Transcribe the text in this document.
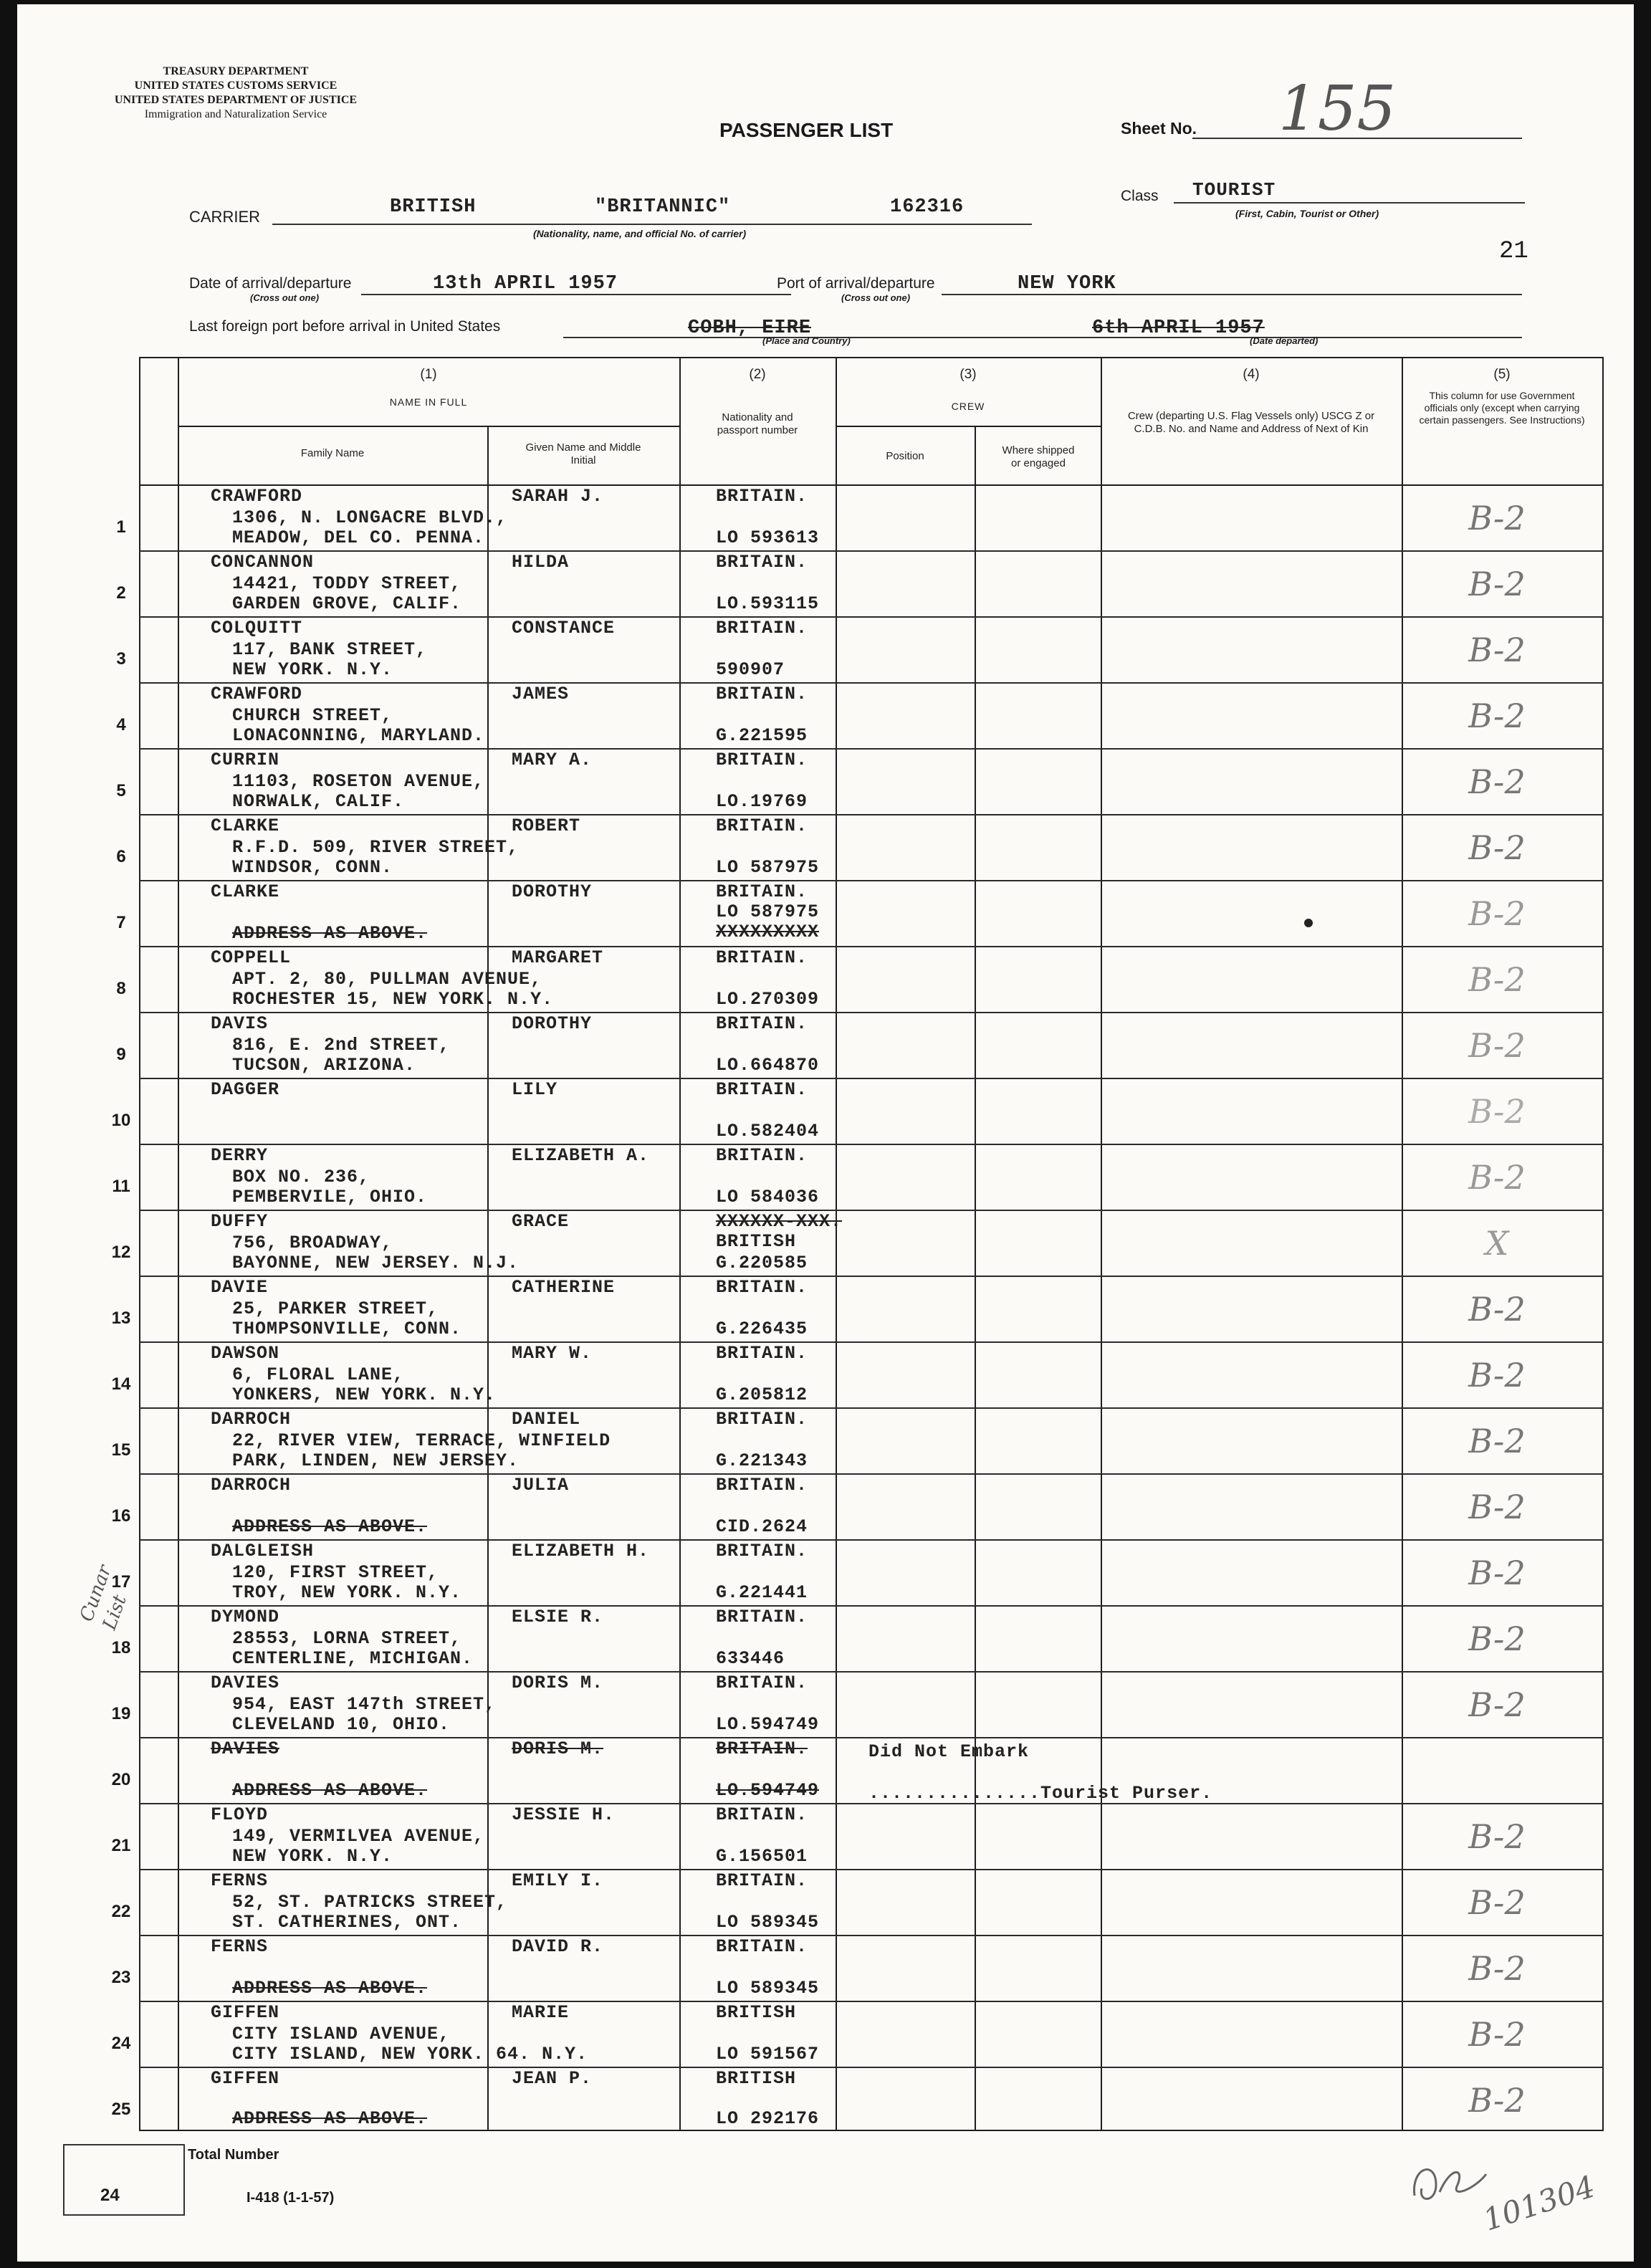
TREASURY DEPARTMENT
UNITED STATES CUSTOMS SERVICE
UNITED STATES DEPARTMENT OF JUSTICE
Immigration and Naturalization Service
PASSENGER LIST	Sheet No. 155
CARRIER	BRITISH	"BRITANNIC"	162316
(Nationality, name, and official No. of carrier)
Class TOURIST
(First, Cabin, Tourist or Other)
21
Date of arrival/departure	13th APRIL 1957
(Cross out one)
Port of arrival/departure	NEW YORK
(Cross out one)
Last foreign port before arrival in United States	COBH, EIRE
(Place and Country)
6th APRIL 1957
(Date departed)
(1)
NAME IN FULL
Family Name	Given Name and Middle Initial
(2)
Nationality and passport number
(3)
CREW
Position	Where shipped or engaged
(4)
Crew (departing U.S. Flag Vessels only) USCG Z or C.D.B. No. and Name and Address of Next of Kin
(5)
This column for use Government officials only (except when carrying certain passengers. See Instructions)
1
CRAWFORD	SARAH J.
1306, N. LONGACRE BLVD.,
MEADOW, DEL CO. PENNA.
BRITAIN.
LO 593613
B-2
2
CONCANNON	HILDA
14421, TODDY STREET,
GARDEN GROVE, CALIF.
BRITAIN.
LO.593115
B-2
3
COLQUITT	CONSTANCE
117, BANK STREET,
NEW YORK. N.Y.
BRITAIN.
590907
B-2
4
CRAWFORD	JAMES
CHURCH STREET,
LONACONNING, MARYLAND.
BRITAIN.
G.221595
B-2
5
CURRIN	MARY A.
11103, ROSETON AVENUE,
NORWALK, CALIF.
BRITAIN.
LO.19769
B-2
6
CLARKE	ROBERT
R.F.D. 509, RIVER STREET,
WINDSOR, CONN.
BRITAIN.
LO 587975
B-2
7
CLARKE	DOROTHY
ADDRESS AS ABOVE.
BRITAIN.
LO 587975
XXXXXXXXX	B-2
8
COPPELL	MARGARET
APT. 2, 80, PULLMAN AVENUE,
ROCHESTER 15, NEW YORK. N.Y.
BRITAIN.
LO.270309
B-2
9
DAVIS	DOROTHY
816, E. 2nd STREET,
TUCSON, ARIZONA.
BRITAIN.
LO.664870
B-2
10
DAGGER	LILY	BRITAIN.
LO.582404
B-2
11
DERRY	ELIZABETH A.
BOX NO. 236,
PEMBERVILE, OHIO.
BRITAIN.
LO 584036
B-2
12
DUFFY	GRACE
756, BROADWAY,
BAYONNE, NEW JERSEY. N.J.
XXXXXX-XXX.
BRITISH
G.220585
X
13
DAVIE	CATHERINE
25, PARKER STREET,
THOMPSONVILLE, CONN.
BRITAIN.
G.226435
B-2
14
DAWSON	MARY W.
6, FLORAL LANE,
YONKERS, NEW YORK. N.Y.
BRITAIN.
G.205812
B-2
15
DARROCH	DANIEL
22, RIVER VIEW, TERRACE, WINFIELD
PARK, LINDEN, NEW JERSEY.
BRITAIN.
G.221343
B-2
16
DARROCH	JULIA
ADDRESS AS ABOVE.
BRITAIN.
CID.2624
B-2
17
DALGLEISH	ELIZABETH H.
120, FIRST STREET,
TROY, NEW YORK. N.Y.
BRITAIN.
G.221441
B-2
18
DYMOND	ELSIE R.
28553, LORNA STREET,
CENTERLINE, MICHIGAN.
BRITAIN.
633446
B-2
19
DAVIES	DORIS M.
954, EAST 147th STREET,
CLEVELAND 10, OHIO.
BRITAIN.
LO.594749
B-2
20
DAVIES	DORIS M.
ADDRESS AS ABOVE.
BRITAIN.
LO.594749
Did Not Embark
...............Tourist Purser.
21
FLOYD	JESSIE H.
149, VERMILVEA AVENUE,
NEW YORK. N.Y.
BRITAIN.
G.156501
B-2
22
FERNS	EMILY I.
52, ST. PATRICKS STREET,
ST. CATHERINES, ONT.
BRITAIN.
LO 589345
B-2
23
FERNS	DAVID R.
ADDRESS AS ABOVE.
BRITAIN.
LO 589345
B-2
24
GIFFEN	MARIE
CITY ISLAND AVENUE,
CITY ISLAND, NEW YORK. 64. N.Y.
BRITISH
LO 591567
B-2
25
GIFFEN	JEAN P.
ADDRESS AS ABOVE.
BRITISH
LO 292176	B-2
Cunar List
Total Number
24	I-418 (1-1-57)	101304
